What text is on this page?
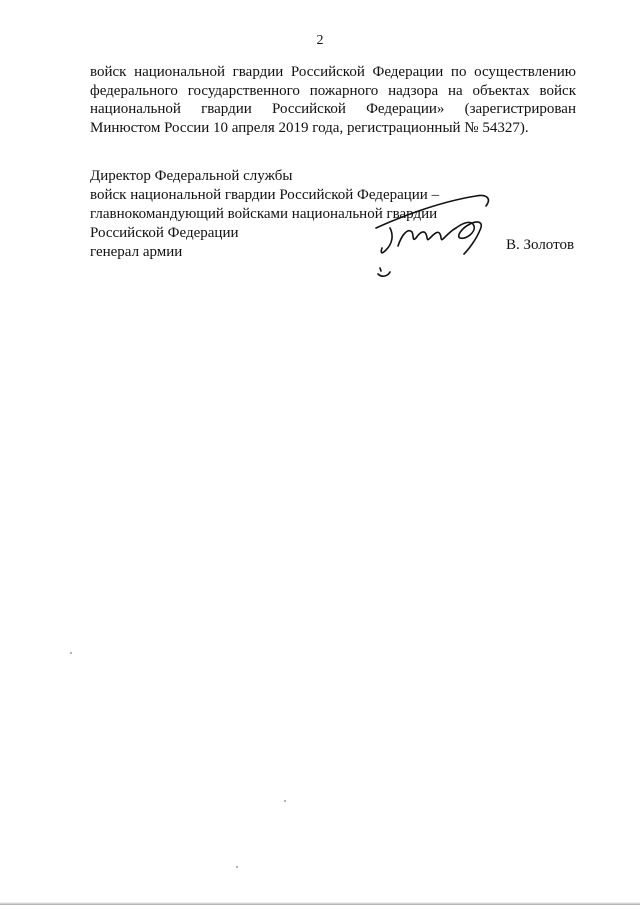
2
войск национальной гвардии Российской Федерации по осуществлению
федерального государственного пожарного надзора на объектах войск
национальной гвардии Российской Федерации» (зарегистрирован
Минюстом России 10 апреля 2019 года, регистрационный № 54327).
Директор Федеральной службы
войск национальной гвардии Российской Федерации –
главнокомандующий войсками национальной гвардии
Российской Федерации
генерал армии	В. Золотов
